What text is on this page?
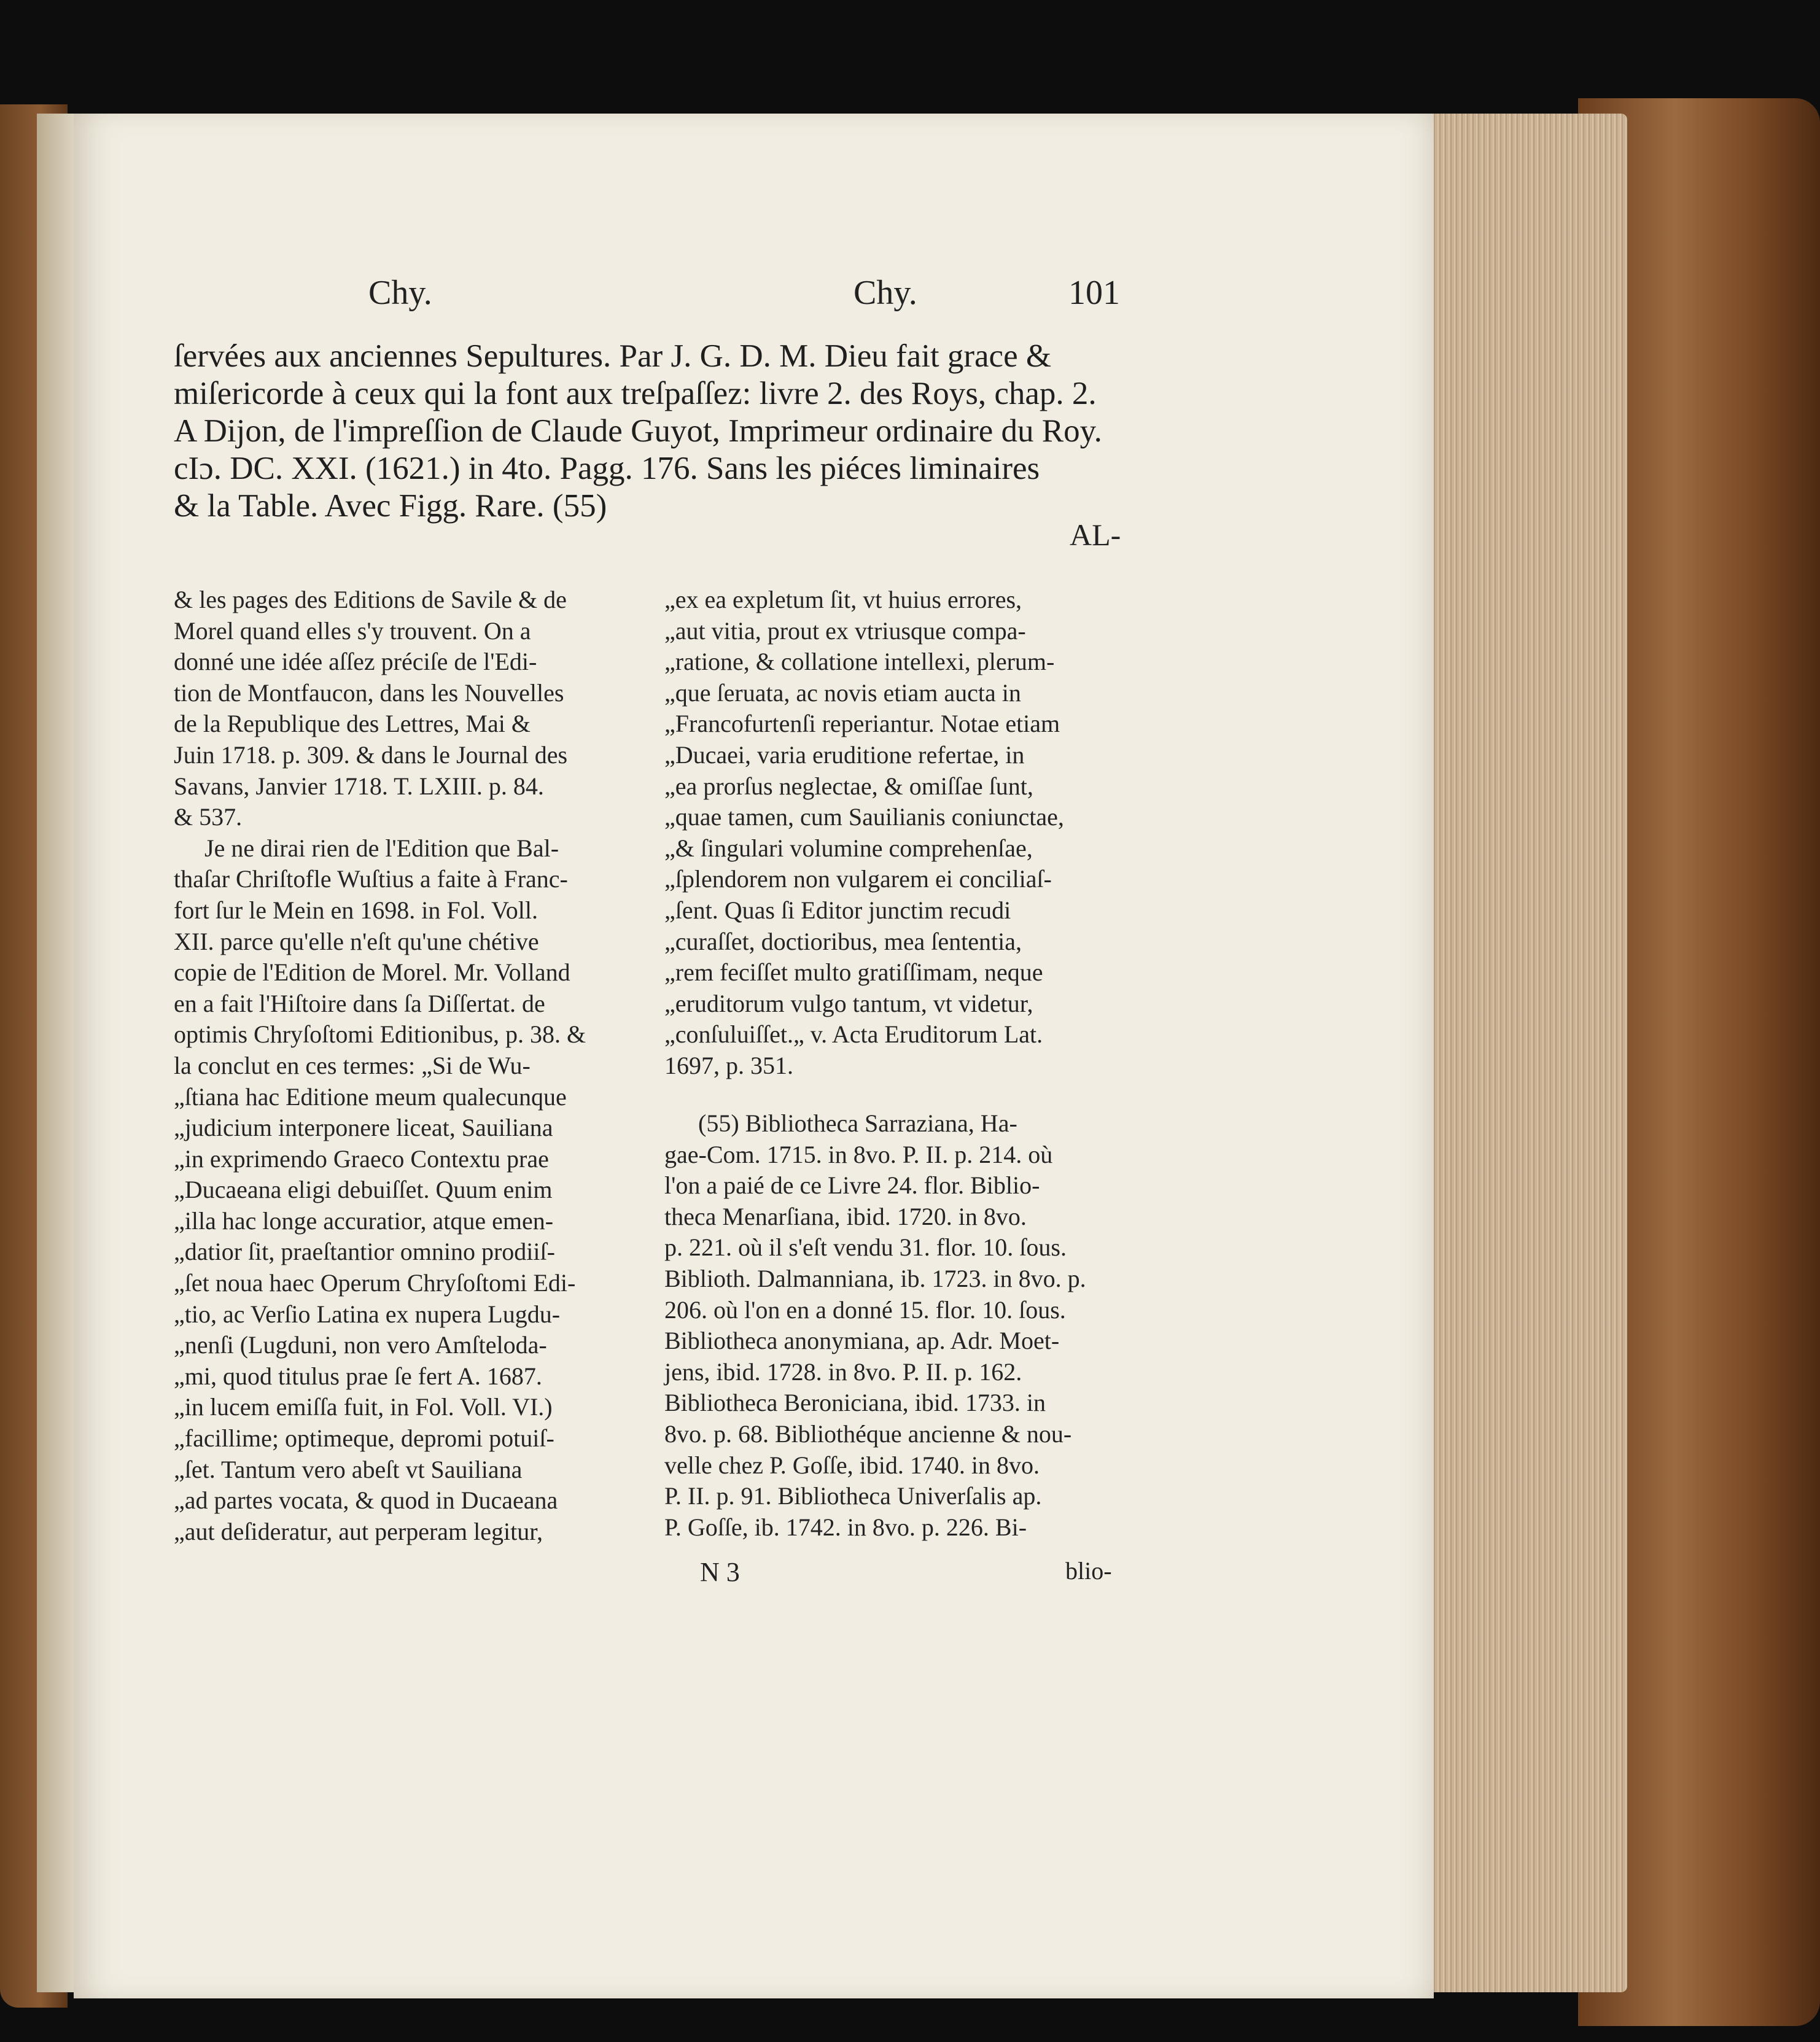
Chy.	Chy.	101

ſervées aux anciennes Sepultures. Par J. G. D. M. Dieu fait grace &

miſericorde à ceux qui la font aux treſpaſſez: livre 2. des Roys, chap. 2.

A Dijon, de l'impreſſion de Claude Guyot, Imprimeur ordinaire du Roy.

cIɔ. DC. XXI. (1621.) in 4to. Pagg. 176. Sans les piéces liminaires

& la Table. Avec Figg. Rare. (55)

AL-

& les pages des Editions de Savile & de

Morel quand elles s'y trouvent. On a

donné une idée aſſez préciſe de l'Edi-

tion de Montfaucon, dans les Nouvelles

de la Republique des Lettres, Mai &

Juin 1718. p. 309. & dans le Journal des

Savans, Janvier 1718. T. LXIII. p. 84.

& 537.

Je ne dirai rien de l'Edition que Bal-

thaſar Chriſtofle Wuſtius a faite à Franc-

fort ſur le Mein en 1698. in Fol. Voll.

XII. parce qu'elle n'eſt qu'une chétive

copie de l'Edition de Morel. Mr. Volland

en a fait l'Hiſtoire dans ſa Diſſertat. de

optimis Chryſoſtomi Editionibus, p. 38. &

la conclut en ces termes: „Si de Wu-

„ſtiana hac Editione meum qualecunque

„judicium interponere liceat, Sauiliana

„in exprimendo Graeco Contextu prae

„Ducaeana eligi debuiſſet. Quum enim

„illa hac longe accuratior, atque emen-

„datior ſit, praeſtantior omnino prodiiſ-

„ſet noua haec Operum Chryſoſtomi Edi-

„tio, ac Verſio Latina ex nupera Lugdu-

„nenſi (Lugduni, non vero Amſteloda-

„mi, quod titulus prae ſe fert A. 1687.

„in lucem emiſſa fuit, in Fol. Voll. VI.)

„facillime; optimeque, depromi potuiſ-

„ſet. Tantum vero abeſt vt Sauiliana

„ad partes vocata, & quod in Ducaeana

„aut deſideratur, aut perperam legitur,

„ex ea expletum ſit, vt huius errores,

„aut vitia, prout ex vtriusque compa-

„ratione, & collatione intellexi, plerum-

„que ſeruata, ac novis etiam aucta in

„Francofurtenſi reperiantur. Notae etiam

„Ducaei, varia eruditione refertae, in

„ea prorſus neglectae, & omiſſae ſunt,

„quae tamen, cum Sauilianis coniunctae,

„& ſingulari volumine comprehenſae,

„ſplendorem non vulgarem ei conciliaſ-

„ſent. Quas ſi Editor junctim recudi

„curaſſet, doctioribus, mea ſententia,

„rem feciſſet multo gratiſſimam, neque

„eruditorum vulgo tantum, vt videtur,

„conſuluiſſet.„ v. Acta Eruditorum Lat.

1697, p. 351.

(55) Bibliotheca Sarraziana, Ha-

gae-Com. 1715. in 8vo. P. II. p. 214. où

l'on a paié de ce Livre 24. flor. Biblio-

theca Menarſiana, ibid. 1720. in 8vo.

p. 221. où il s'eſt vendu 31. flor. 10. ſous.

Biblioth. Dalmanniana, ib. 1723. in 8vo. p.

206. où l'on en a donné 15. flor. 10. ſous.

Bibliotheca anonymiana, ap. Adr. Moet-

jens, ibid. 1728. in 8vo. P. II. p. 162.

Bibliotheca Beroniciana, ibid. 1733. in

8vo. p. 68. Bibliothéque ancienne & nou-

velle chez P. Goſſe, ibid. 1740. in 8vo.

P. II. p. 91. Bibliotheca Univerſalis ap.

P. Goſſe, ib. 1742. in 8vo. p. 226. Bi-

N 3	blio-
